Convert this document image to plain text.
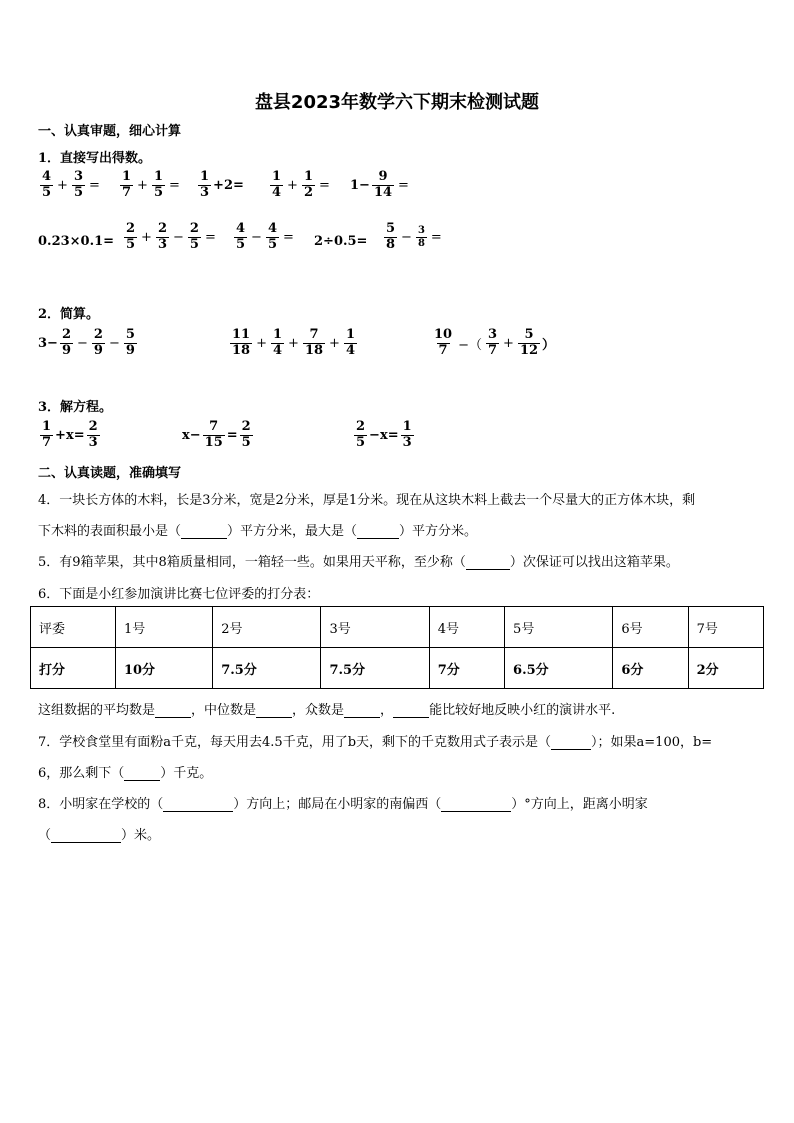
盘县2023年数学六下期末检测试题
一、认真审题，细心计算
1．直接写出得数。
$\frac{4}{5} + \frac{3}{5} = \frac{1}{7} + \frac{1}{5} = \frac{1}{3} +2= \frac{1}{4} + \frac{1}{2} = 1- \frac{9}{14}$ =
$0.23\times 0.1= \frac{2}{5} + \frac{2}{3} - \frac{2}{5} = \frac{4}{5} - \frac{4}{5} = 2\div 0.5= \frac{5}{8} - \frac{3}{8}$ =
2．简算。
$3- \frac{2}{9} - \frac{2}{9} - \frac{5}{9}$	$\frac{11}{18} + \frac{1}{4} + \frac{7}{18} + \frac{1}{4}$	$\frac{10}{7}$ −（ $\frac{3}{7} + \frac{5}{12}$ ）
3．解方程。
$\frac{1}{7} +x= \frac{2}{3}$	$x- \frac{7}{15} = \frac{2}{5}$	$\frac{2}{5} -x= \frac{1}{3}$
二、认真读题，准确填写
4．一块长方体的木料，长是3分米，宽是2分米，厚是1分米。现在从这块木料上截去一个尽量大的正方体木块，剩
下木料的表面积最小是（	）平方分米，最大是（	）平方分米。
5．有9箱苹果，其中8箱质量相同，一箱轻一些。如果用天平称，至少称（	）次保证可以找出这箱苹果。
6．下面是小红参加演讲比赛七位评委的打分表：
评委	1号	2号	3号	4号	5号	6号	7号
打分	10分	7.5分	7.5分	7分	6.5分	6分	2分
这组数据的平均数是	，中位数是	，众数是	，	能比较好地反映小红的演讲水平.
7．学校食堂里有面粉a千克，每天用去4.5千克，用了b天，剩下的千克数用式子表示是（	）；如果a=100，b=
6，那么剩下（	）千克。
8．小明家在学校的（	）方向上；邮局在小明家的南偏西（	）°方向上，距离小明家
（	）米。
